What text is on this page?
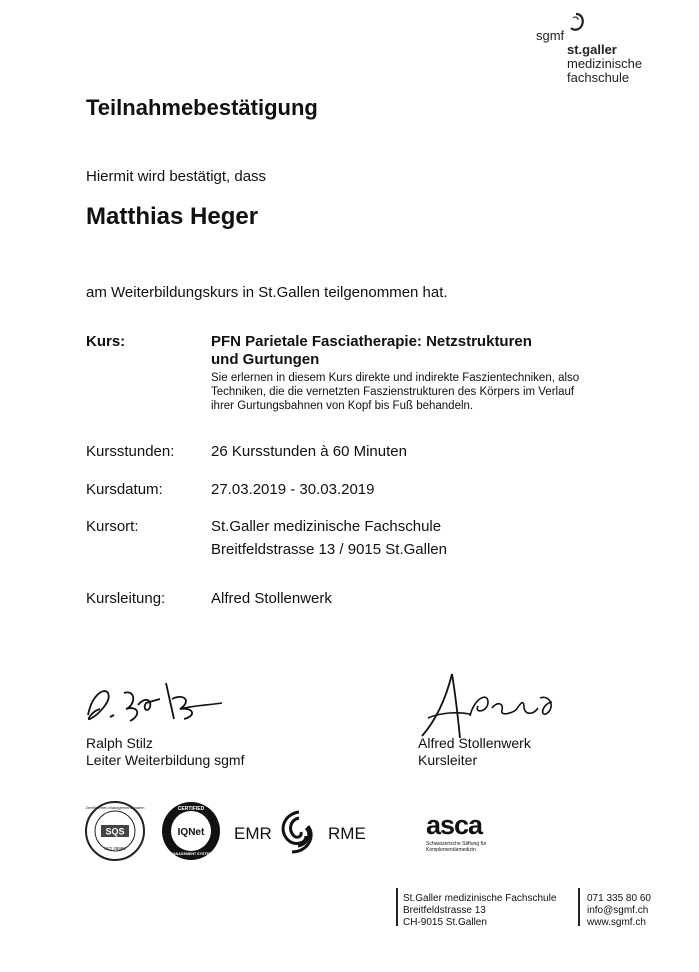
sgmf
st.galler
medizinische
fachschule
Teilnahmebestätigung
Hiermit wird bestätigt, dass
Matthias Heger
am Weiterbildungskurs in St.Gallen teilgenommen hat.
Kurs:	PFN Parietale Fasciatherapie: Netzstrukturen
und Gurtungen
Sie erlernen in diesem Kurs direkte und indirekte Faszientechniken, also
Techniken, die die vernetzten Faszienstrukturen des Körpers im Verlauf
ihrer Gurtungsbahnen von Kopf bis Fuß behandeln.
Kursstunden: 26 Kursstunden à 60 Minuten
Kursdatum:	27.03.2019 - 30.03.2019
Kursort:	St.Galler medizinische Fachschule
Breitfeldstrasse 13 / 9015 St.Gallen
Kursleitung:	Alfred Stollenwerk
Ralph Stilz
Leiter Weiterbildung sgmf
Alfred Stollenwerk
Kursleiter
SQS
Zertifiziertes Managementsystem
ISO 29990
CERTIFIED
IQNet
MANAGEMENT SYSTEM
EMR	RME asca
Schweizerische Stiftung für
Komplementärmedizin
St.Galler medizinische Fachschule
Breitfeldstrasse 13
CH-9015 St.Gallen
071 335 80 60
info@sgmf.ch
www.sgmf.ch
